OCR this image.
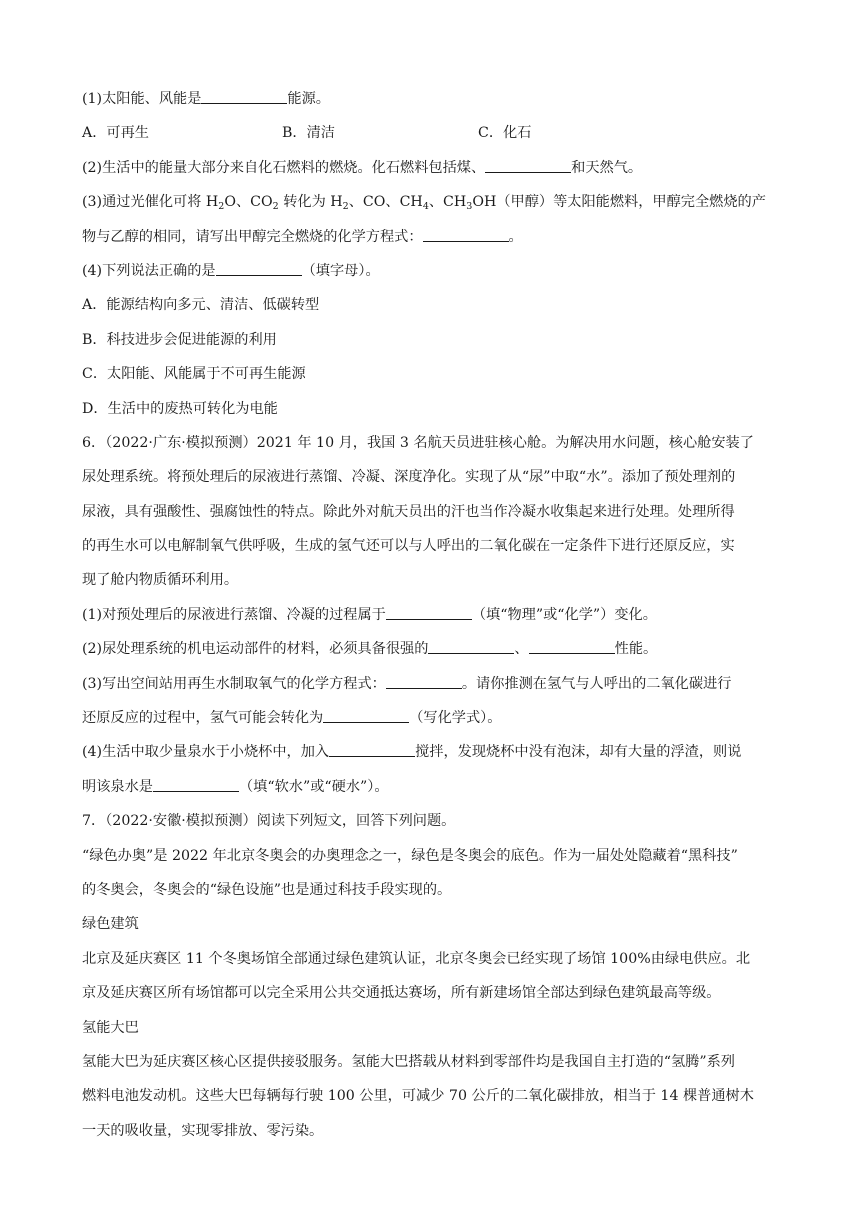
(1)太阳能、风能是	能源。
A．可再生	B．清洁	C．化石
(2)生活中的能量大部分来自化石燃料的燃烧。化石燃料包括煤、	和天然气。
(3)通过光催化可将 $H_2O$、$CO_2$ 转化为 $H_2$、CO、$CH_4$、$CH_3OH$（甲醇）等太阳能燃料，甲醇完全燃烧的产
物与乙醇的相同，请写出甲醇完全燃烧的化学方程式：	。
(4)下列说法正确的是	（填字母）。
A．能源结构向多元、清洁、低碳转型
B．科技进步会促进能源的利用
C．太阳能、风能属于不可再生能源
D．生活中的废热可转化为电能
6．（2022·广东·模拟预测）2021 年 10 月，我国 3 名航天员进驻核心舱。为解决用水问题，核心舱安装了
尿处理系统。将预处理后的尿液进行蒸馏、冷凝、深度净化。实现了从“尿”中取“水”。添加了预处理剂的
尿液，具有强酸性、强腐蚀性的特点。除此外对航天员出的汗也当作冷凝水收集起来进行处理。处理所得
的再生水可以电解制氧气供呼吸，生成的氢气还可以与人呼出的二氧化碳在一定条件下进行还原反应，实
现了舱内物质循环利用。
(1)对预处理后的尿液进行蒸馏、冷凝的过程属于	（填“物理”或“化学”）变化。
(2)尿处理系统的机电运动部件的材料，必须具备很强的	、	性能。
(3)写出空间站用再生水制取氧气的化学方程式：	。请你推测在氢气与人呼出的二氧化碳进行
还原反应的过程中，氢气可能会转化为	（写化学式）。
(4)生活中取少量泉水于小烧杯中，加入	搅拌，发现烧杯中没有泡沫，却有大量的浮渣，则说
明该泉水是	（填“软水”或“硬水”）。
7．（2022·安徽·模拟预测）阅读下列短文，回答下列问题。
“绿色办奥”是 2022 年北京冬奥会的办奥理念之一，绿色是冬奥会的底色。作为一届处处隐藏着“黑科技”
的冬奥会，冬奥会的“绿色设施”也是通过科技手段实现的。
绿色建筑
北京及延庆赛区 11 个冬奥场馆全部通过绿色建筑认证，北京冬奥会已经实现了场馆 100%由绿电供应。北
京及延庆赛区所有场馆都可以完全采用公共交通抵达赛场，所有新建场馆全部达到绿色建筑最高等级。
氢能大巴
氢能大巴为延庆赛区核心区提供接驳服务。氢能大巴搭载从材料到零部件均是我国自主打造的“氢腾”系列
燃料电池发动机。这些大巴每辆每行驶 100 公里，可减少 70 公斤的二氧化碳排放，相当于 14 棵普通树木
一天的吸收量，实现零排放、零污染。
